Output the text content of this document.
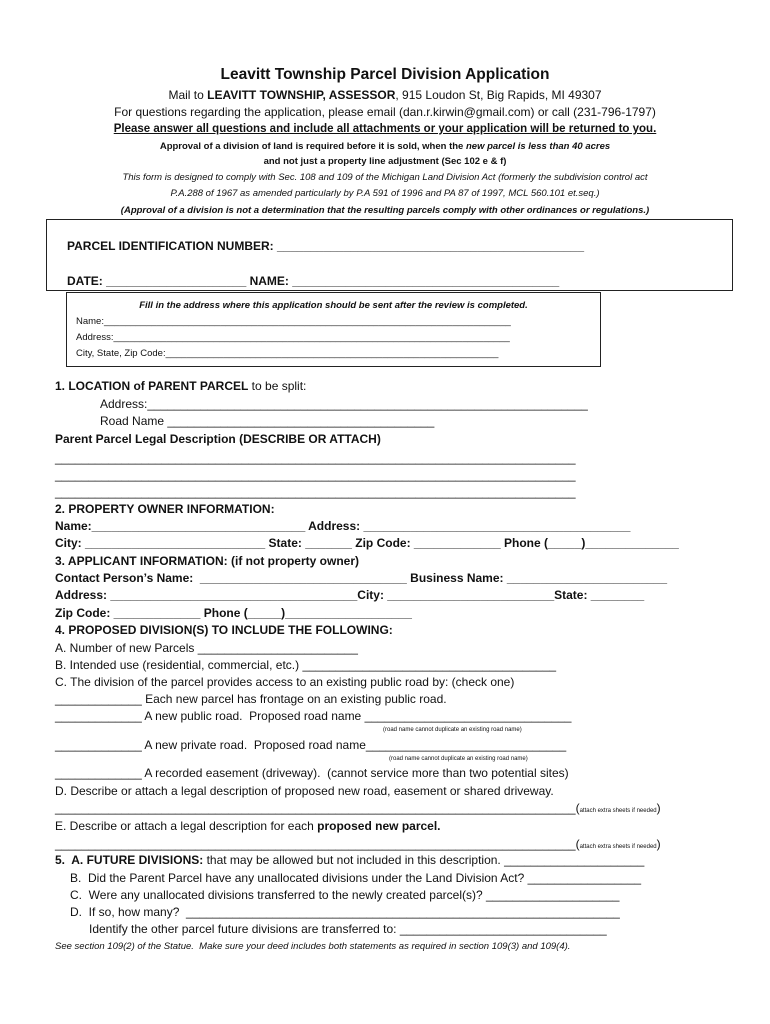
Leavitt Township Parcel Division Application
Mail to LEAVITT TOWNSHIP, ASSESSOR, 915 Loudon St, Big Rapids, MI 49307
For questions regarding the application, please email (dan.r.kirwin@gmail.com) or call (231-796-1797)
Please answer all questions and include all attachments or your application will be returned to you.
Approval of a division of land is required before it is sold, when the new parcel is less than 40 acres
and not just a property line adjustment (Sec 102 e & f)
This form is designed to comply with Sec. 108 and 109 of the Michigan Land Division Act (formerly the subdivision control act
P.A.288 of 1967 as amended particularly by P.A 591 of 1996 and PA 87 of 1997, MCL 560.101 et.seq.)
(Approval of a division is not a determination that the resulting parcels comply with other ordinances or regulations.)
PARCEL IDENTIFICATION NUMBER: ______________________________________________
DATE: _____________________ NAME: ________________________________________
Fill in the address where this application should be sent after the review is completed.
Name:_____________________________________________________________________________
Address:___________________________________________________________________________
City, State, Zip Code:_______________________________________________________________
1. LOCATION of PARENT PARCEL to be split:
Address:__________________________________________________________________
Road Name ________________________________________
Parent Parcel Legal Description (DESCRIBE OR ATTACH)
______________________________________________________________________________
______________________________________________________________________________
______________________________________________________________________________
2. PROPERTY OWNER INFORMATION:
Name:________________________________ Address: ________________________________________
City: ___________________________ State: _______ Zip Code: _____________ Phone (_____)______________
3. APPLICANT INFORMATION: (if not property owner)
Contact Person’s Name:  _______________________________ Business Name: ________________________
Address: _____________________________________City: _________________________State: ________
Zip Code: _____________ Phone (_____)___________________
4. PROPOSED DIVISION(S) TO INCLUDE THE FOLLOWING:
A. Number of new Parcels ________________________
B. Intended use (residential, commercial, etc.) ______________________________________
C. The division of the parcel provides access to an existing public road by: (check one)
_____________ Each new parcel has frontage on an existing public road.
_____________ A new public road.  Proposed road name _______________________________
(road name cannot duplicate an existing road name)
_____________ A new private road.  Proposed road name______________________________
(road name cannot duplicate an existing road name)
_____________ A recorded easement (driveway).  (cannot service more than two potential sites)
D. Describe or attach a legal description of proposed new road, easement or shared driveway.
______________________________________________________________________________(attach extra sheets if needed)
E. Describe or attach a legal description for each proposed new parcel.
______________________________________________________________________________(attach extra sheets if needed)
5.  A. FUTURE DIVISIONS: that may be allowed but not included in this description. _____________________
B.  Did the Parent Parcel have any unallocated divisions under the Land Division Act? _________________
C.  Were any unallocated divisions transferred to the newly created parcel(s)? ____________________
D.  If so, how many?  _________________________________________________________________
Identify the other parcel future divisions are transferred to: _______________________________
See section 109(2) of the Statue.  Make sure your deed includes both statements as required in section 109(3) and 109(4).
